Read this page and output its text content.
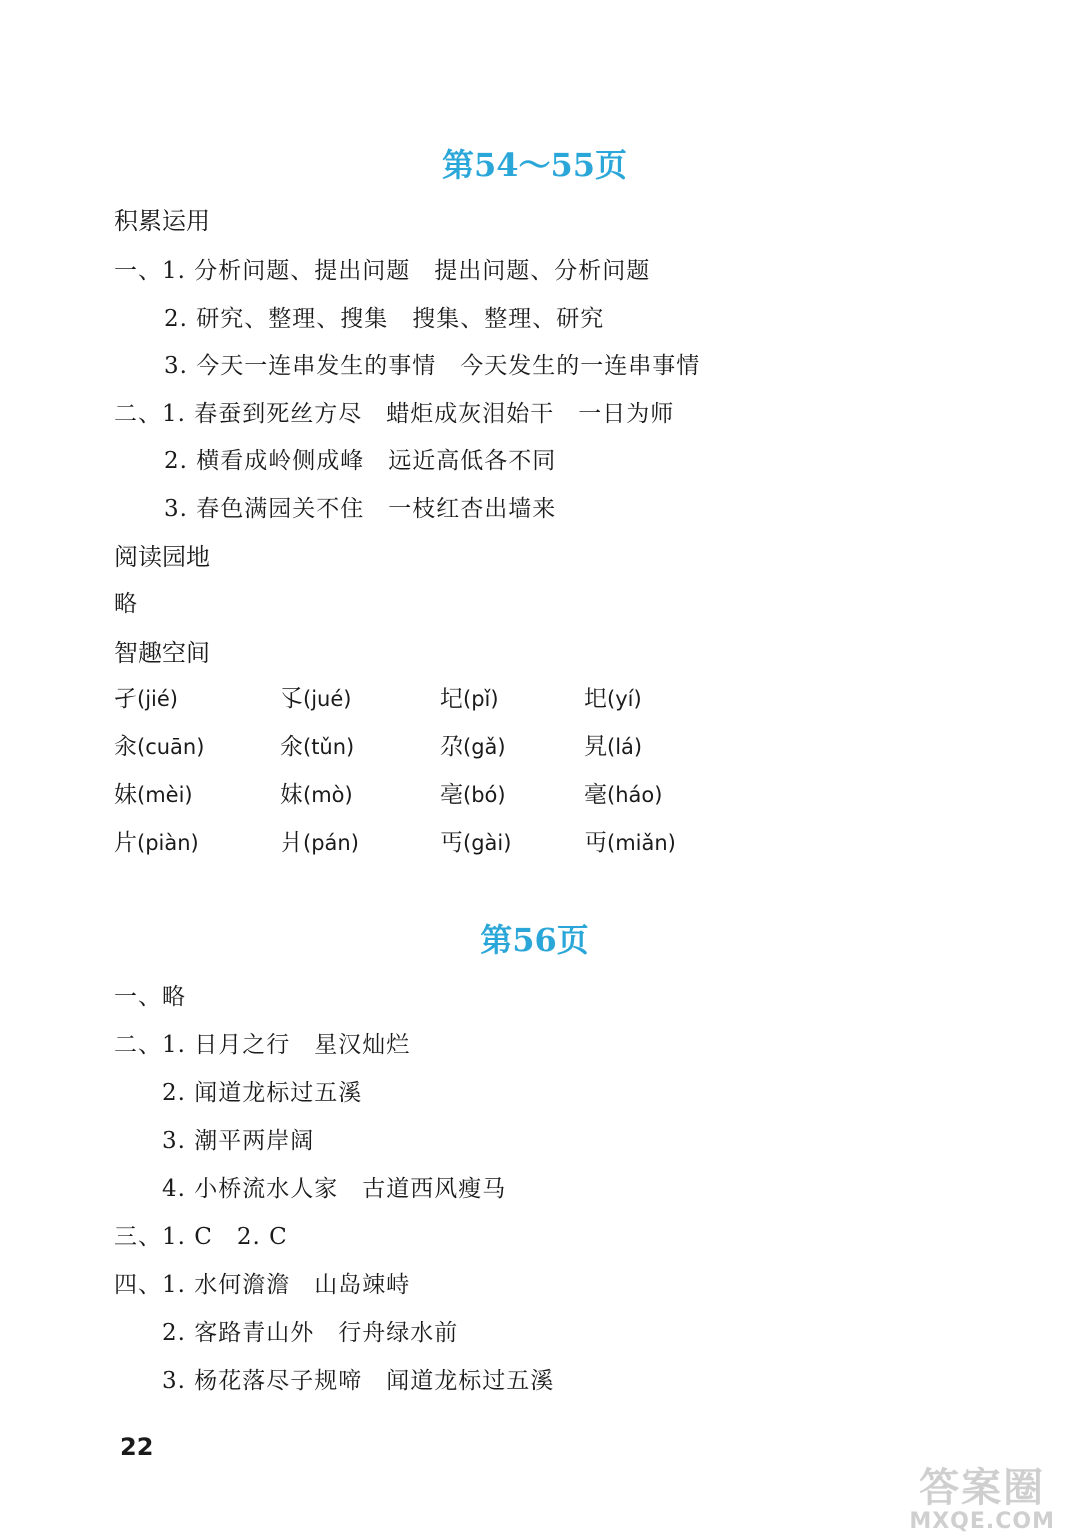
第54～55页
积累运用
一、1. 分析问题、提出问题　提出问题、分析问题
2. 研究、整理、搜集　搜集、整理、研究
3. 今天一连串发生的事情　今天发生的一连串事情
二、1. 春蚕到死丝方尽　蜡炬成灰泪始干　一日为师
2. 横看成岭侧成峰　远近高低各不同
3. 春色满园关不住　一枝红杏出墙来
阅读园地
略
智趣空间
孑(jié)	孓(jué)	圮(pǐ)	圯(yí)
汆(cuān)	氽(tǔn)	尕(gǎ)	旯(lá)
妹(mèi)	妺(mò)	亳(bó)	毫(háo)
片(piàn)	爿(pán)	丐(gài)	丏(miǎn)
第56页
一、略
二、1. 日月之行　星汉灿烂
2. 闻道龙标过五溪
3. 潮平两岸阔
4. 小桥流水人家　古道西风瘦马
三、1. C　2. C
四、1. 水何澹澹　山岛竦峙
2. 客路青山外　行舟绿水前
3. 杨花落尽子规啼　闻道龙标过五溪
22
答案圈
MXQE.COM
